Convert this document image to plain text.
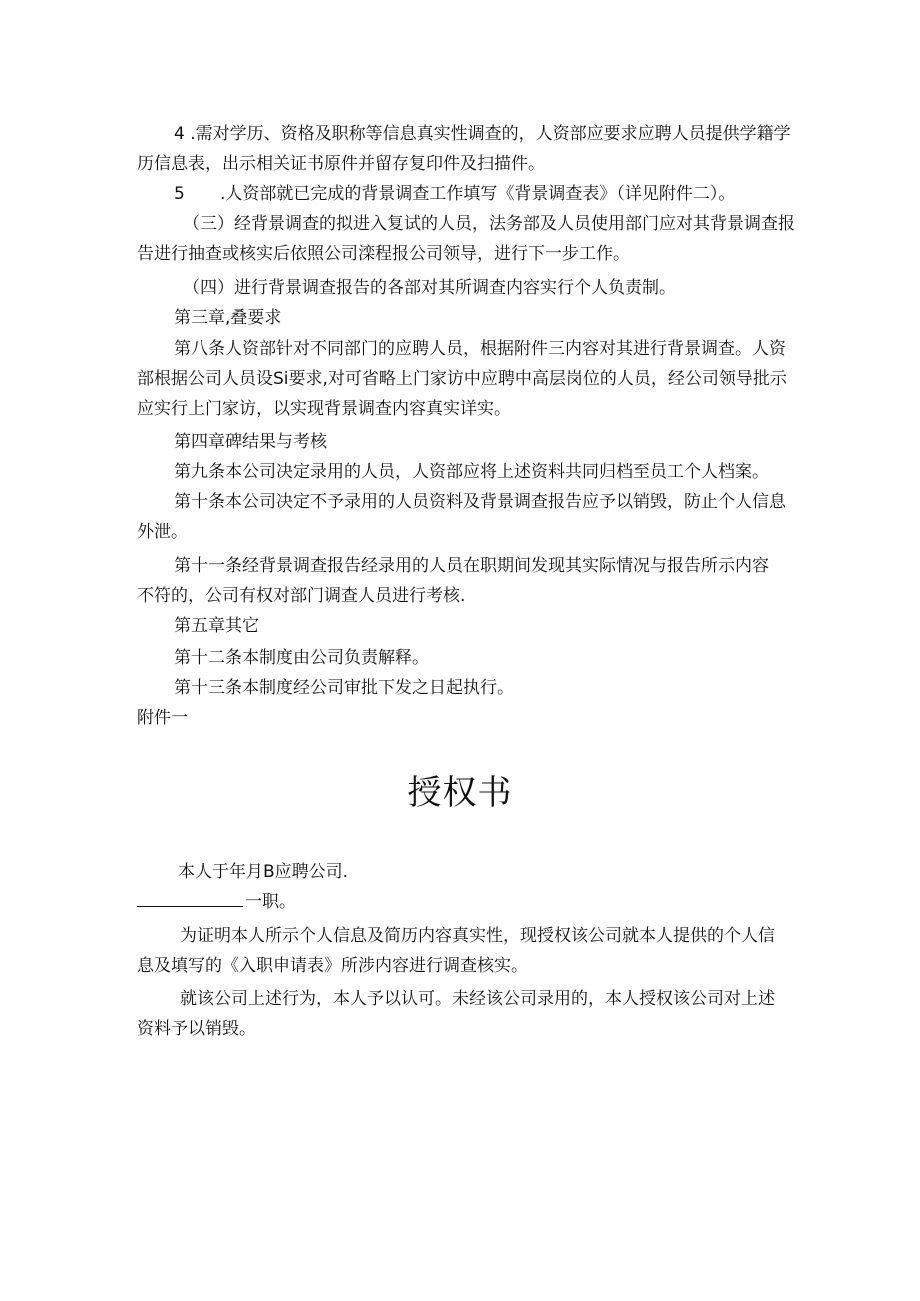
4 .需对学历、资格及职称等信息真实性调查的，人资部应要求应聘人员提供学籍学
历信息表，出示相关证书原件并留存复印件及扫描件。
5 .人资部就已完成的背景调查工作填写《背景调查表》（详见附件二）。
（三）经背景调查的拟进入复试的人员，法务部及人员使用部门应对其背景调查报
告进行抽查或核实后依照公司滦程报公司领导，进行下一步工作。
（四）进行背景调查报告的各部对其所调查内容实行个人负责制。
第三章,叠要求
第八条人资部针对不同部门的应聘人员，根据附件三内容对其进行背景调查。人资
部根据公司人员设Si要求,对可省略上门家访中应聘中高层岗位的人员，经公司领导批示
应实行上门家访，以实现背景调查内容真实详实。
第四章碑结果与考核
第九条本公司决定录用的人员，人资部应将上述资料共同归档至员工个人档案。
第十条本公司决定不予录用的人员资料及背景调查报告应予以销毁，防止个人信息
外泄。
第十一条经背景调查报告经录用的人员在职期间发现其实际情况与报告所示内容
不符的，公司有权对部门调查人员进行考核.
第五章其它
第十二条本制度由公司负责解释。
第十三条本制度经公司审批下发之日起执行。
附件一
授权书
本人于年月B应聘公司.
一职。
为证明本人所示个人信息及简历内容真实性，现授权该公司就本人提供的个人信
息及填写的《入职申请表》所涉内容进行调查核实。
就该公司上述行为，本人予以认可。未经该公司录用的，本人授权该公司对上述
资料予以销毁。
